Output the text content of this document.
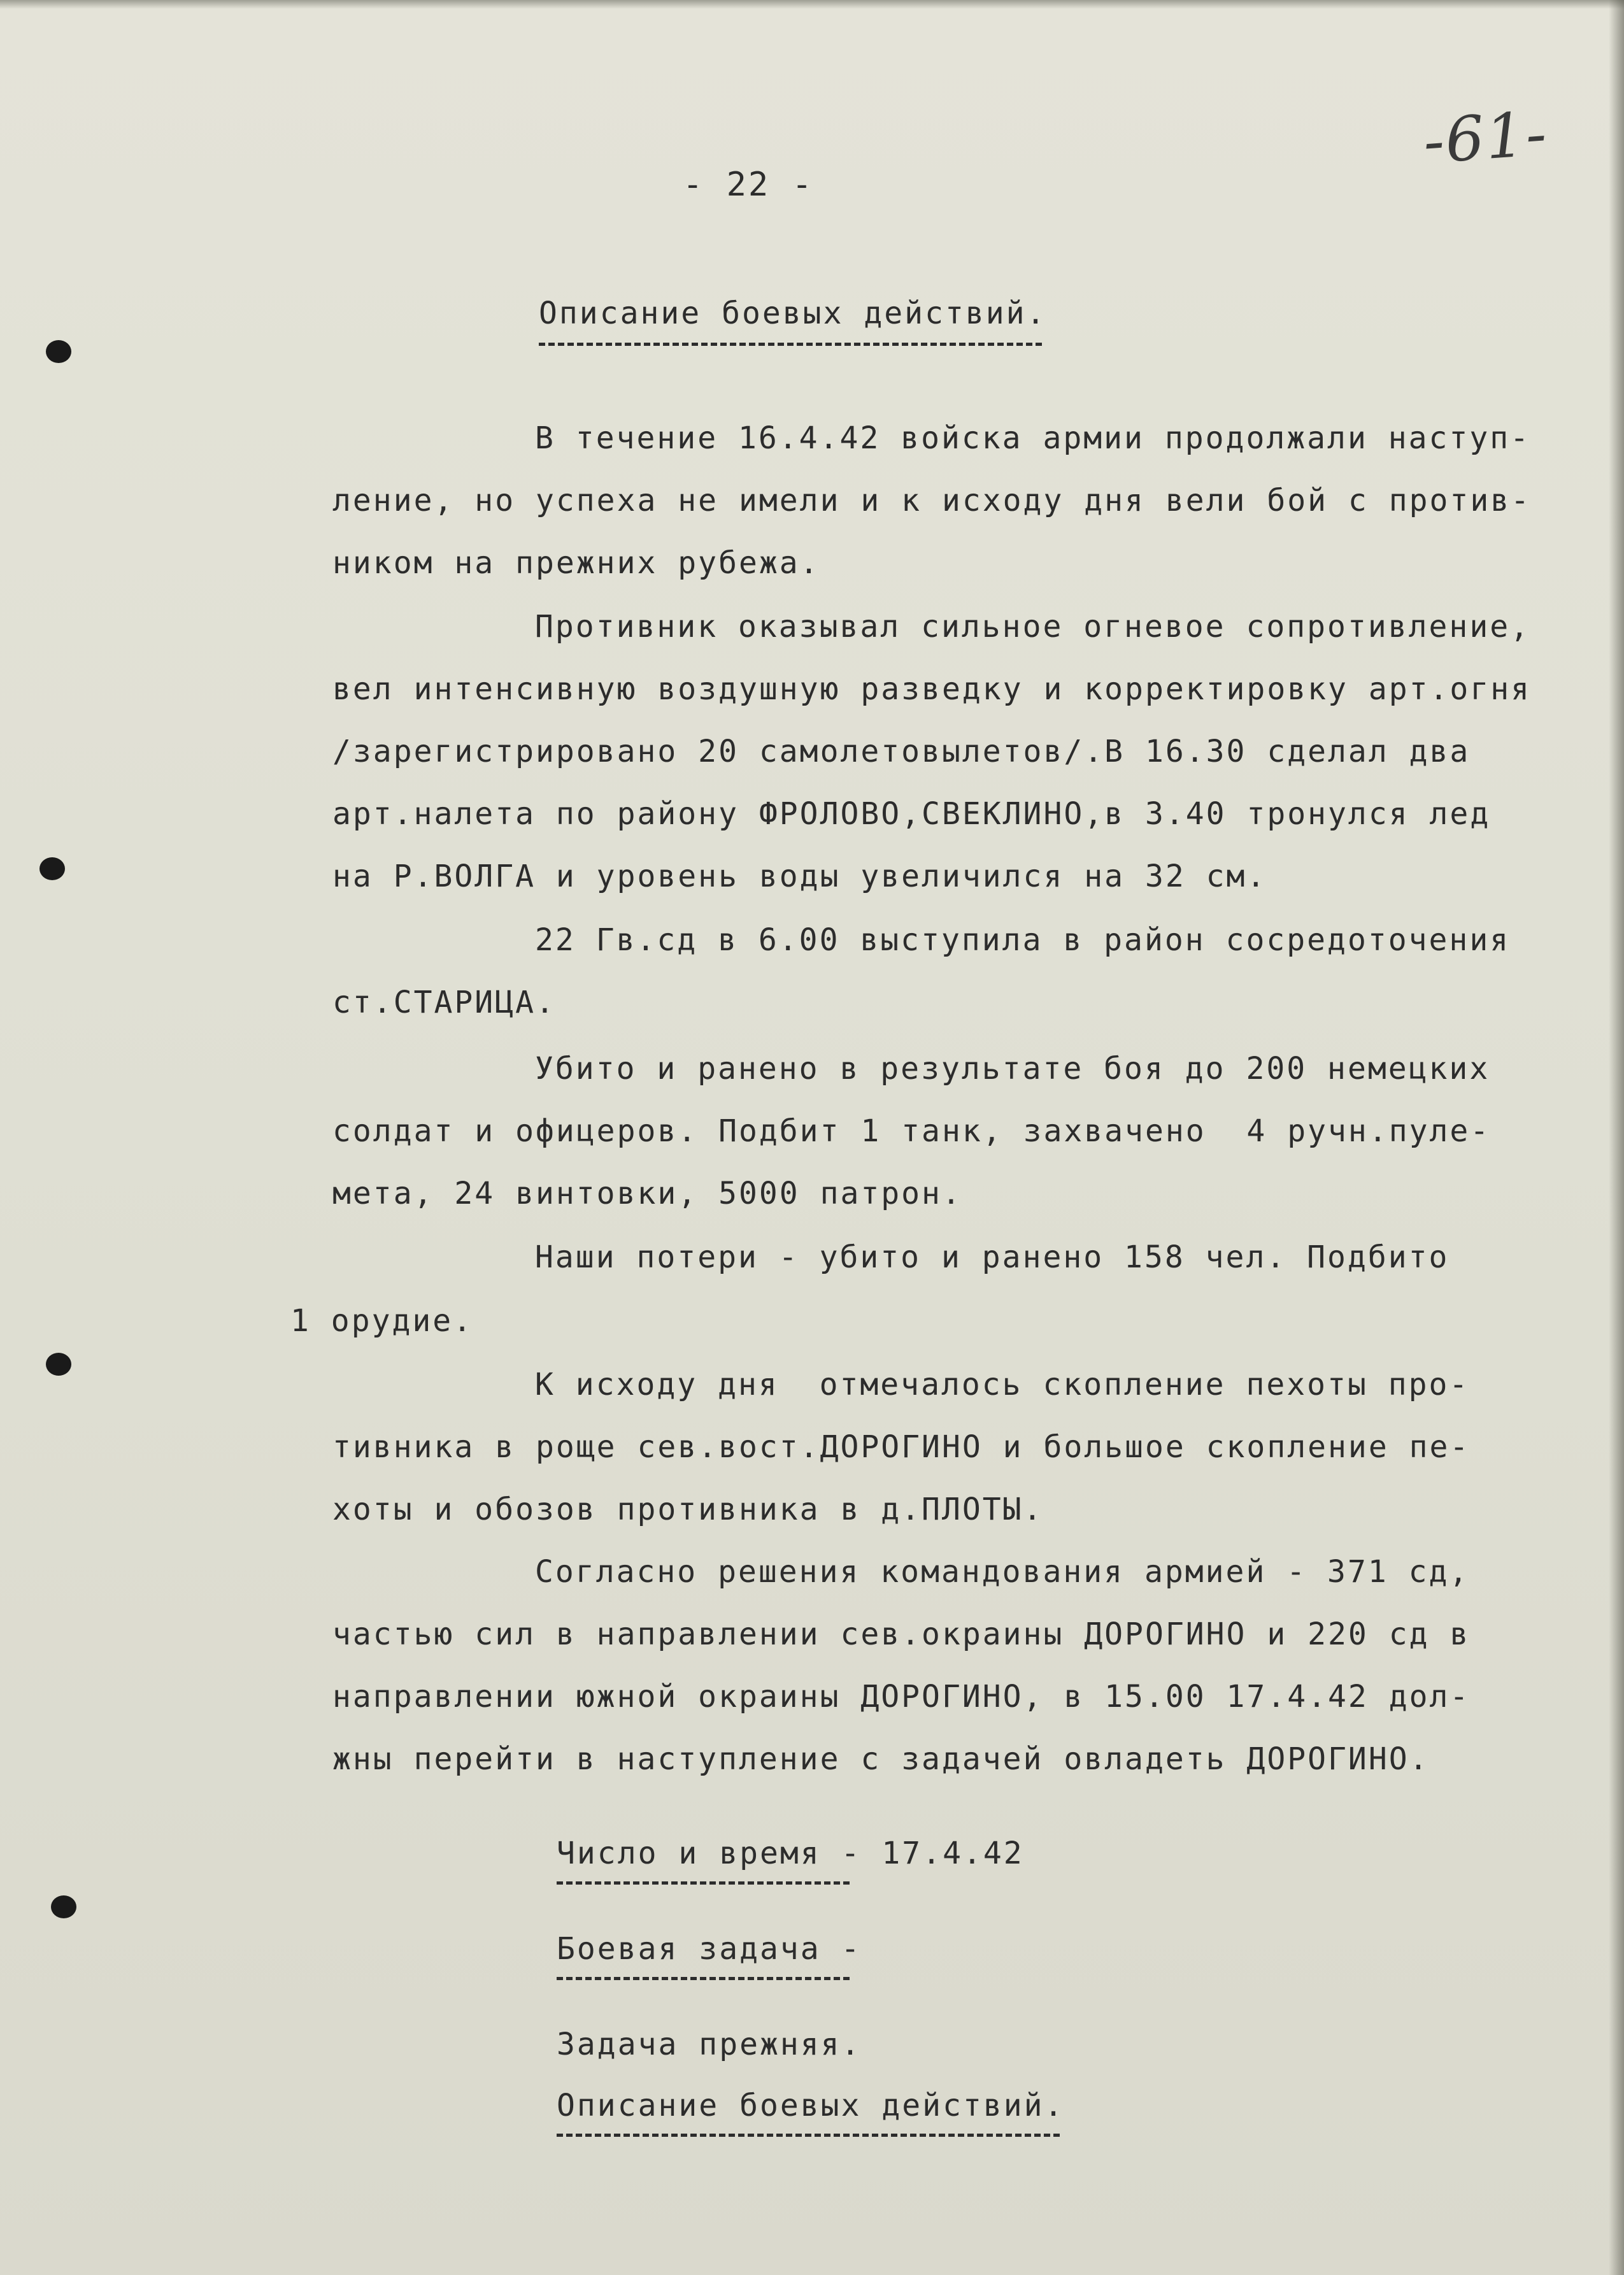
-61-
- 22 -
Описание боевых действий.
В течение 16.4.42 войска армии продолжали наступ-
ление, но успеха не имели и к исходу дня вели бой с против-
ником на прежних рубежа.
Противник оказывал сильное огневое сопротивление,
вел интенсивную воздушную разведку и корректировку арт.огня
/зарегистрировано 20 самолетовылетов/.В 16.30 сделал два
арт.налета по району ФРОЛОВО,СВЕКЛИНО,в 3.40 тронулся лед
на Р.ВОЛГА и уровень воды увеличился на 32 см.
22 Гв.сд в 6.00 выступила в район сосредоточения
ст.СТАРИЦА.
Убито и ранено в результате боя до 200 немецких
солдат и офицеров. Подбит 1 танк, захвачено  4 ручн.пуле-
мета, 24 винтовки, 5000 патрон.
Наши потери - убито и ранено 158 чел. Подбито
1 орудие.
К исходу дня  отмечалось скопление пехоты про-
тивника в роще сев.вост.ДОРОГИНО и большое скопление пе-
хоты и обозов противника в д.ПЛОТЫ.
Согласно решения командования армией - 371 сд,
частью сил в направлении сев.окраины ДОРОГИНО и 220 сд в
направлении южной окраины ДОРОГИНО, в 15.00 17.4.42 дол-
жны перейти в наступление с задачей овладеть ДОРОГИНО.
Число и время - 17.4.42
Боевая задача -
Задача прежняя.
Описание боевых действий.
